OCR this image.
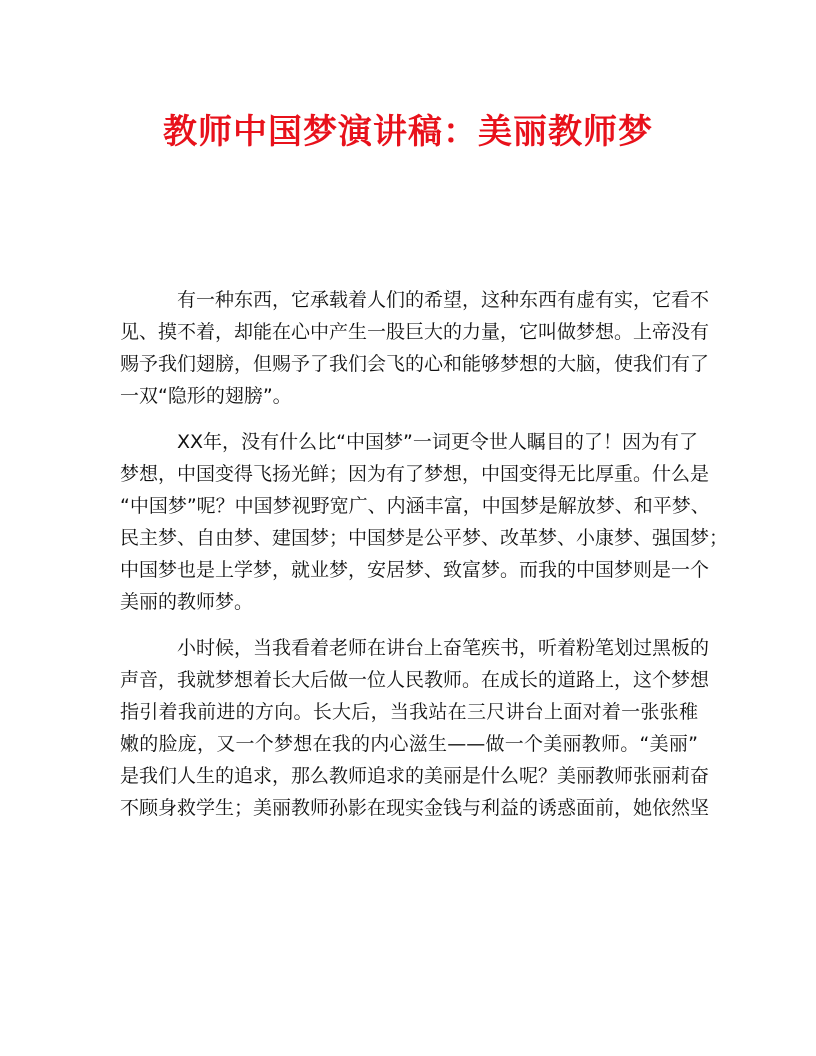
教师中国梦演讲稿：美丽教师梦
有一种东西，它承载着人们的希望，这种东西有虚有实，它看不
见、摸不着，却能在心中产生一股巨大的力量，它叫做梦想。上帝没有
赐予我们翅膀，但赐予了我们会飞的心和能够梦想的大脑，使我们有了
一双“隐形的翅膀”。
XX年，没有什么比“中国梦”一词更令世人瞩目的了！因为有了
梦想，中国变得飞扬光鲜；因为有了梦想，中国变得无比厚重。什么是
“中国梦”呢？中国梦视野宽广、内涵丰富，中国梦是解放梦、和平梦、
民主梦、自由梦、建国梦；中国梦是公平梦、改革梦、小康梦、强国梦；
中国梦也是上学梦，就业梦，安居梦、致富梦。而我的中国梦则是一个
美丽的教师梦。
小时候，当我看着老师在讲台上奋笔疾书，听着粉笔划过黑板的
声音，我就梦想着长大后做一位人民教师。在成长的道路上，这个梦想
指引着我前进的方向。长大后，当我站在三尺讲台上面对着一张张稚
嫩的脸庞，又一个梦想在我的内心滋生——做一个美丽教师。“美丽”
是我们人生的追求，那么教师追求的美丽是什么呢？美丽教师张丽莉奋
不顾身救学生；美丽教师孙影在现实金钱与利益的诱惑面前，她依然坚
